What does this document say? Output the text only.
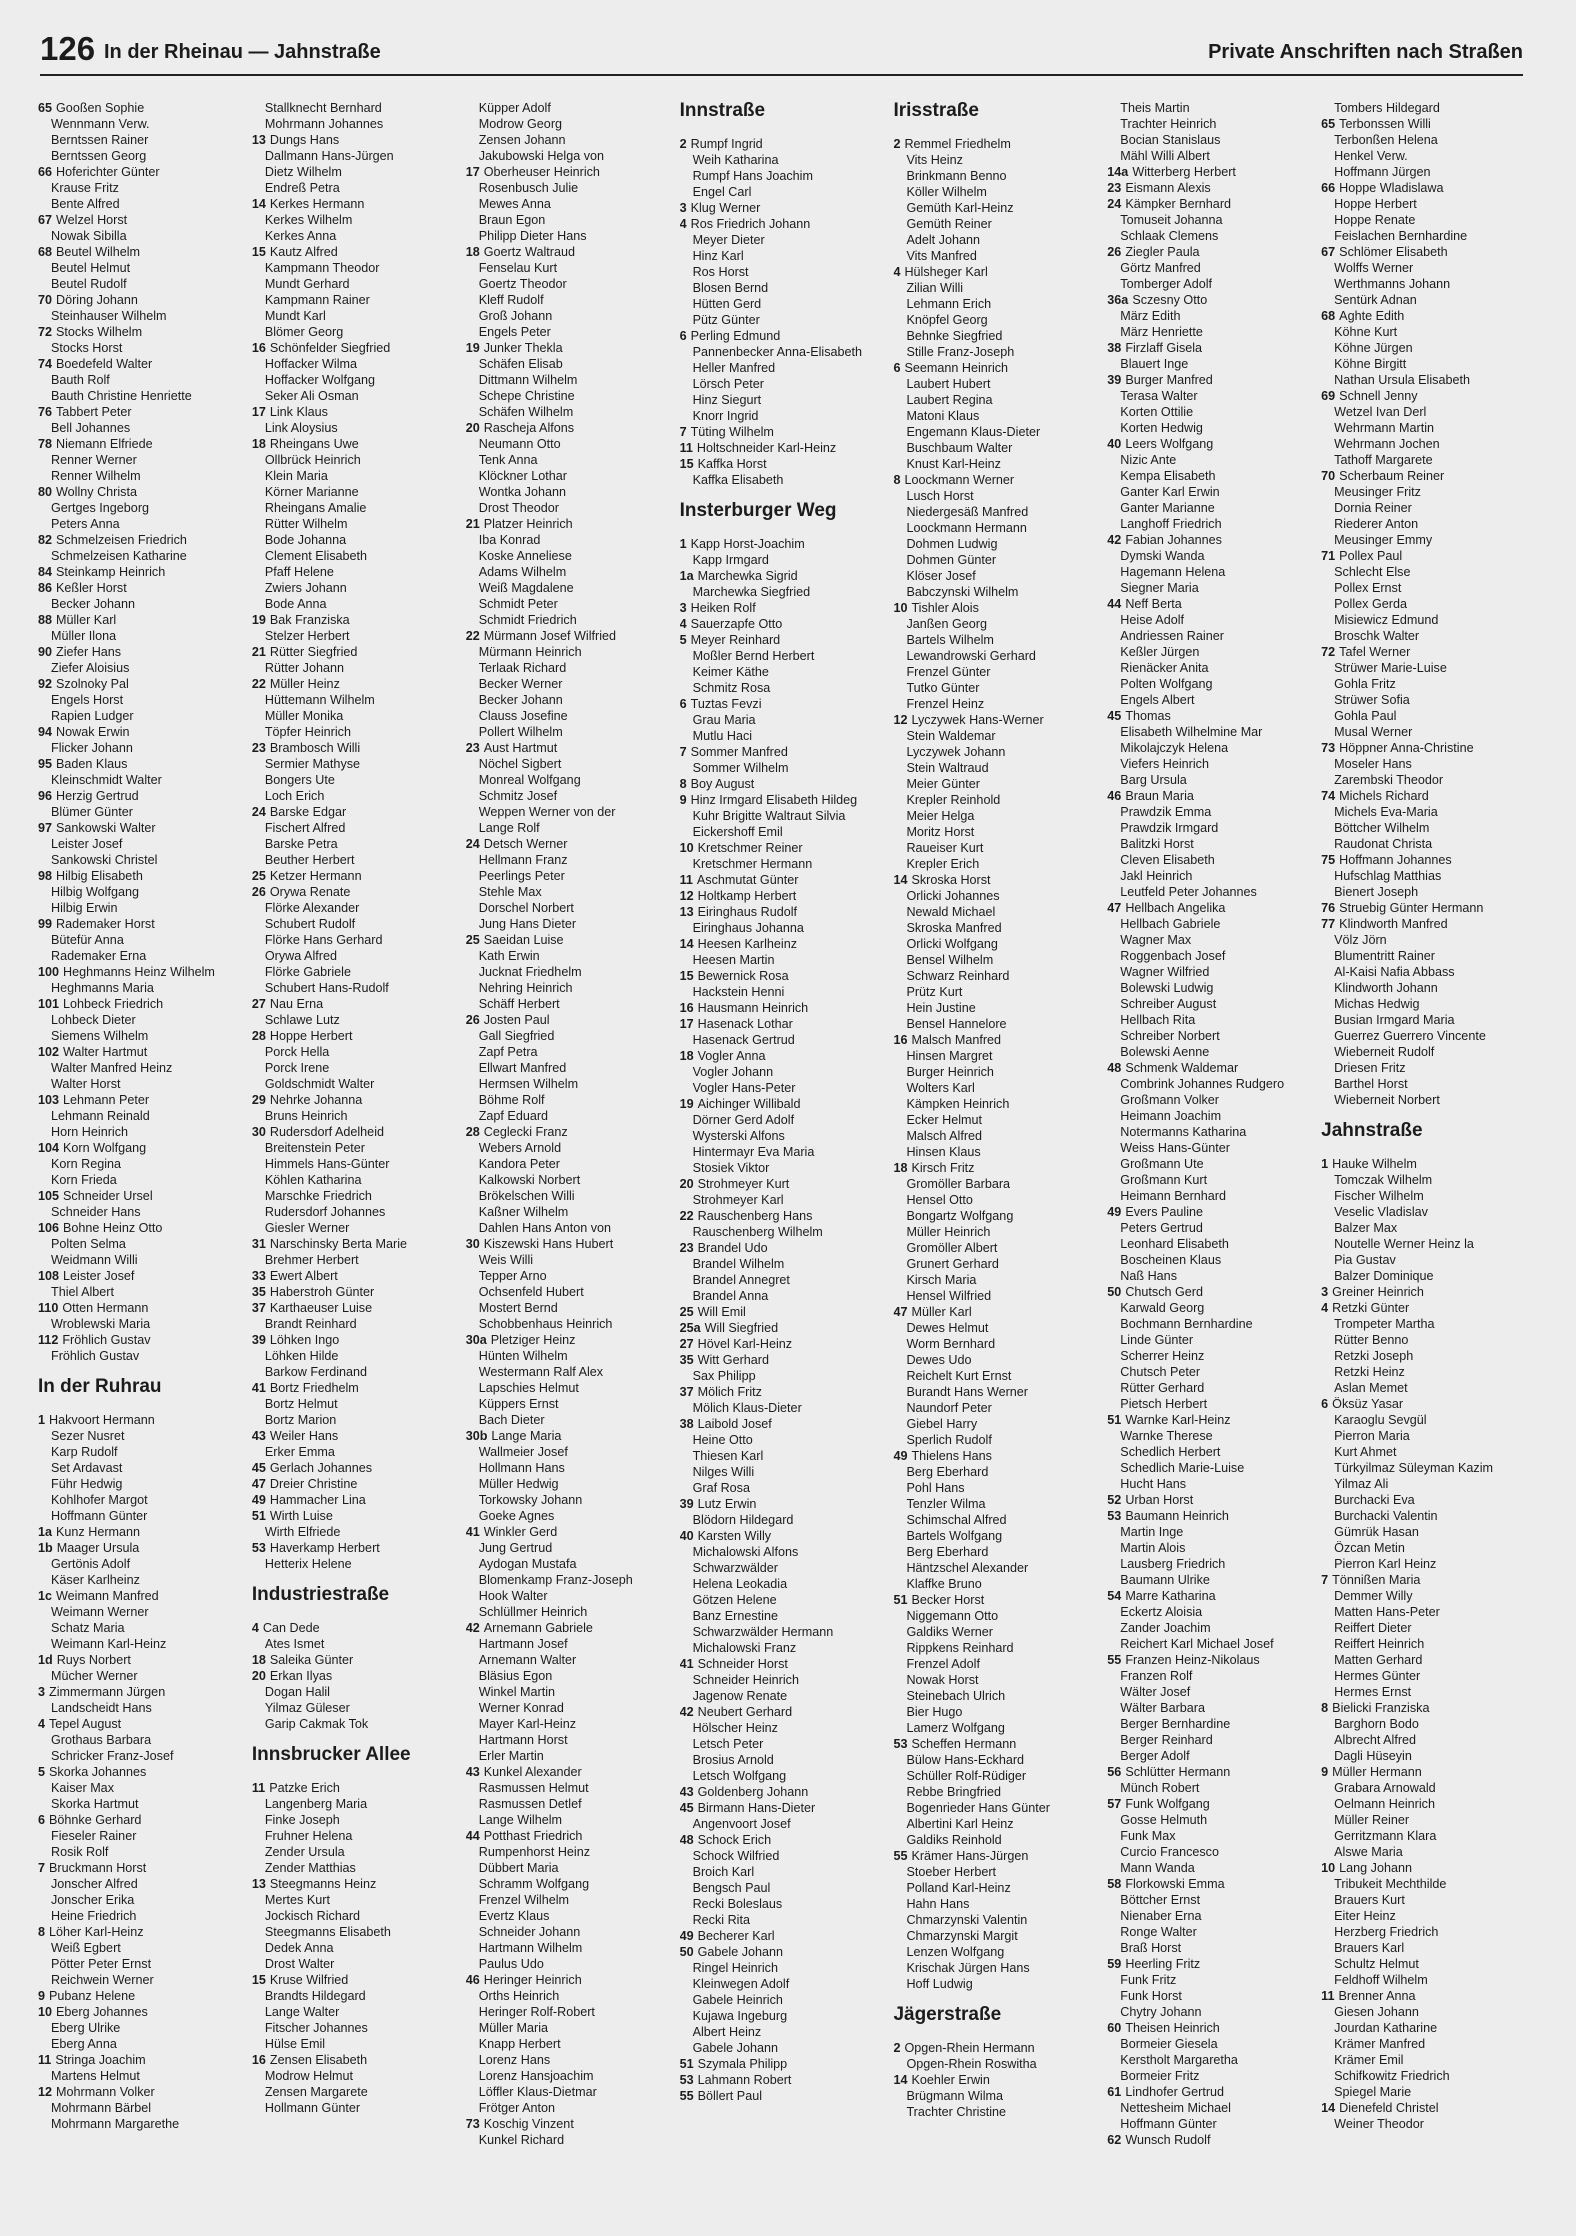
126 In der Rheinau — Jahnstraße	Private Anschriften nach Straßen
65 Gooßen Sophie
Wennmann Verw.
Berntssen Rainer
Berntssen Georg
66 Hoferichter Günter
Krause Fritz
Bente Alfred
67 Welzel Horst
Nowak Sibilla
68 Beutel Wilhelm
Beutel Helmut
Beutel Rudolf
70 Döring Johann
Steinhauser Wilhelm
72 Stocks Wilhelm
Stocks Horst
74 Boedefeld Walter
Bauth Rolf
Bauth Christine Henriette
76 Tabbert Peter
Bell Johannes
78 Niemann Elfriede
Renner Werner
Renner Wilhelm
80 Wollny Christa
Gertges Ingeborg
Peters Anna
82 Schmelzeisen Friedrich
Schmelzeisen Katharine
84 Steinkamp Heinrich
86 Keßler Horst
Becker Johann
88 Müller Karl
Müller Ilona
90 Ziefer Hans
Ziefer Aloisius
92 Szolnoky Pal
Engels Horst
Rapien Ludger
94 Nowak Erwin
Flicker Johann
95 Baden Klaus
Kleinschmidt Walter
96 Herzig Gertrud
Blümer Günter
97 Sankowski Walter
Leister Josef
Sankowski Christel
98 Hilbig Elisabeth
Hilbig Wolfgang
Hilbig Erwin
99 Rademaker Horst
Bütefür Anna
Rademaker Erna
100 Heghmanns Heinz Wilhelm
Heghmanns Maria
101 Lohbeck Friedrich
Lohbeck Dieter
Siemens Wilhelm
102 Walter Hartmut
Walter Manfred Heinz
Walter Horst
103 Lehmann Peter
Lehmann Reinald
Horn Heinrich
104 Korn Wolfgang
Korn Regina
Korn Frieda
105 Schneider Ursel
Schneider Hans
106 Bohne Heinz Otto
Polten Selma
Weidmann Willi
108 Leister Josef
Thiel Albert
110 Otten Hermann
Wroblewski Maria
112 Fröhlich Gustav
Fröhlich Gustav
In der Ruhrau
1 Hakvoort Hermann
Sezer Nusret
Karp Rudolf
Set Ardavast
Führ Hedwig
Kohlhofer Margot
Hoffmann Günter
1a Kunz Hermann
1b Maager Ursula
Gertönis Adolf
Käser Karlheinz
1c Weimann Manfred
Weimann Werner
Schatz Maria
Weimann Karl-Heinz
1d Ruys Norbert
Mücher Werner
3 Zimmermann Jürgen
Landscheidt Hans
4 Tepel August
Grothaus Barbara
Schricker Franz-Josef
5 Skorka Johannes
Kaiser Max
Skorka Hartmut
6 Böhnke Gerhard
Fieseler Rainer
Rosik Rolf
7 Bruckmann Horst
Jonscher Alfred
Jonscher Erika
Heine Friedrich
8 Löher Karl-Heinz
Weiß Egbert
Pötter Peter Ernst
Reichwein Werner
9 Pubanz Helene
10 Eberg Johannes
Eberg Ulrike
Eberg Anna
11 Stringa Joachim
Martens Helmut
12 Mohrmann Volker
Mohrmann Bärbel
Mohrmann Margarethe
Stallknecht Bernhard
Mohrmann Johannes
13 Dungs Hans
Dallmann Hans-Jürgen
Dietz Wilhelm
Endreß Petra
14 Kerkes Hermann
Kerkes Wilhelm
Kerkes Anna
15 Kautz Alfred
Kampmann Theodor
Mundt Gerhard
Kampmann Rainer
Mundt Karl
Blömer Georg
16 Schönfelder Siegfried
Hoffacker Wilma
Hoffacker Wolfgang
Seker Ali Osman
17 Link Klaus
Link Aloysius
18 Rheingans Uwe
Ollbrück Heinrich
Klein Maria
Körner Marianne
Rheingans Amalie
Rütter Wilhelm
Bode Johanna
Clement Elisabeth
Pfaff Helene
Zwiers Johann
Bode Anna
19 Bak Franziska
Stelzer Herbert
21 Rütter Siegfried
Rütter Johann
22 Müller Heinz
Hüttemann Wilhelm
Müller Monika
Töpfer Heinrich
23 Brambosch Willi
Sermier Mathyse
Bongers Ute
Loch Erich
24 Barske Edgar
Fischert Alfred
Barske Petra
Beuther Herbert
25 Ketzer Hermann
26 Orywa Renate
Flörke Alexander
Schubert Rudolf
Flörke Hans Gerhard
Orywa Alfred
Flörke Gabriele
Schubert Hans-Rudolf
27 Nau Erna
Schlawe Lutz
28 Hoppe Herbert
Porck Hella
Porck Irene
Goldschmidt Walter
29 Nehrke Johanna
Bruns Heinrich
30 Rudersdorf Adelheid
Breitenstein Peter
Himmels Hans-Günter
Köhlen Katharina
Marschke Friedrich
Rudersdorf Johannes
Giesler Werner
31 Narschinsky Berta Marie
Brehmer Herbert
33 Ewert Albert
35 Haberstroh Günter
37 Karthaeuser Luise
Brandt Reinhard
39 Löhken Ingo
Löhken Hilde
Barkow Ferdinand
41 Bortz Friedhelm
Bortz Helmut
Bortz Marion
43 Weiler Hans
Erker Emma
45 Gerlach Johannes
47 Dreier Christine
49 Hammacher Lina
51 Wirth Luise
Wirth Elfriede
53 Haverkamp Herbert
Hetterix Helene
Industriestraße
4 Can Dede
Ates Ismet
18 Saleika Günter
20 Erkan Ilyas
Dogan Halil
Yilmaz Güleser
Garip Cakmak Tok
Innsbrucker Allee
11 Patzke Erich
Langenberg Maria
Finke Joseph
Fruhner Helena
Zender Ursula
Zender Matthias
13 Steegmanns Heinz
Mertes Kurt
Jockisch Richard
Steegmanns Elisabeth
Dedek Anna
Drost Walter
15 Kruse Wilfried
Brandts Hildegard
Lange Walter
Fitscher Johannes
Hülse Emil
16 Zensen Elisabeth
Modrow Helmut
Zensen Margarete
Hollmann Günter
Küpper Adolf
Modrow Georg
Zensen Johann
Jakubowski Helga von
17 Oberheuser Heinrich
Rosenbusch Julie
Mewes Anna
Braun Egon
Philipp Dieter Hans
18 Goertz Waltraud
Fenselau Kurt
Goertz Theodor
Kleff Rudolf
Groß Johann
Engels Peter
19 Junker Thekla
Schäfen Elisab
Dittmann Wilhelm
Schepe Christine
Schäfen Wilhelm
20 Rascheja Alfons
Neumann Otto
Tenk Anna
Klöckner Lothar
Wontka Johann
Drost Theodor
21 Platzer Heinrich
Iba Konrad
Koske Anneliese
Adams Wilhelm
Weiß Magdalene
Schmidt Peter
Schmidt Friedrich
22 Mürmann Josef Wilfried
Mürmann Heinrich
Terlaak Richard
Becker Werner
Becker Johann
Clauss Josefine
Pollert Wilhelm
23 Aust Hartmut
Nöchel Sigbert
Monreal Wolfgang
Schmitz Josef
Weppen Werner von der
Lange Rolf
24 Detsch Werner
Hellmann Franz
Peerlings Peter
Stehle Max
Dorschel Norbert
Jung Hans Dieter
25 Saeidan Luise
Kath Erwin
Jucknat Friedhelm
Nehring Heinrich
Schäff Herbert
26 Josten Paul
Gall Siegfried
Zapf Petra
Ellwart Manfred
Hermsen Wilhelm
Böhme Rolf
Zapf Eduard
28 Ceglecki Franz
Webers Arnold
Kandora Peter
Kalkowski Norbert
Brökelschen Willi
Kaßner Wilhelm
Dahlen Hans Anton von
30 Kiszewski Hans Hubert
Weis Willi
Tepper Arno
Ochsenfeld Hubert
Mostert Bernd
Schobbenhaus Heinrich
30a Pletziger Heinz
Hünten Wilhelm
Westermann Ralf Alex
Lapschies Helmut
Küppers Ernst
Bach Dieter
30b Lange Maria
Wallmeier Josef
Hollmann Hans
Müller Hedwig
Torkowsky Johann
Goeke Agnes
41 Winkler Gerd
Jung Gertrud
Aydogan Mustafa
Blomenkamp Franz-Joseph
Hook Walter
Schlüllmer Heinrich
42 Arnemann Gabriele
Hartmann Josef
Arnemann Walter
Bläsius Egon
Winkel Martin
Werner Konrad
Mayer Karl-Heinz
Hartmann Horst
Erler Martin
43 Kunkel Alexander
Rasmussen Helmut
Rasmussen Detlef
Lange Wilhelm
44 Potthast Friedrich
Rumpenhorst Heinz
Dübbert Maria
Schramm Wolfgang
Frenzel Wilhelm
Evertz Klaus
Schneider Johann
Hartmann Wilhelm
Paulus Udo
46 Heringer Heinrich
Orths Heinrich
Heringer Rolf-Robert
Müller Maria
Knapp Herbert
Lorenz Hans
Lorenz Hansjoachim
Löffler Klaus-Dietmar
Frötger Anton
73 Koschig Vinzent
Kunkel Richard
Innstraße
2 Rumpf Ingrid
Weih Katharina
Rumpf Hans Joachim
Engel Carl
3 Klug Werner
4 Ros Friedrich Johann
Meyer Dieter
Hinz Karl
Ros Horst
Blosen Bernd
Hütten Gerd
Pütz Günter
6 Perling Edmund
Pannenbecker Anna-Elisabeth
Heller Manfred
Lörsch Peter
Hinz Siegurt
Knorr Ingrid
7 Tüting Wilhelm
11 Holtschneider Karl-Heinz
15 Kaffka Horst
Kaffka Elisabeth
Insterburger Weg
1 Kapp Horst-Joachim
Kapp Irmgard
1a Marchewka Sigrid
Marchewka Siegfried
3 Heiken Rolf
4 Sauerzapfe Otto
5 Meyer Reinhard
Moßler Bernd Herbert
Keimer Käthe
Schmitz Rosa
6 Tuztas Fevzi
Grau Maria
Mutlu Haci
7 Sommer Manfred
Sommer Wilhelm
8 Boy August
9 Hinz Irmgard Elisabeth Hildeg
Kuhr Brigitte Waltraut Silvia
Eickershoff Emil
10 Kretschmer Reiner
Kretschmer Hermann
11 Aschmutat Günter
12 Holtkamp Herbert
13 Eiringhaus Rudolf
Eiringhaus Johanna
14 Heesen Karlheinz
Heesen Martin
15 Bewernick Rosa
Hackstein Henni
16 Hausmann Heinrich
17 Hasenack Lothar
Hasenack Gertrud
18 Vogler Anna
Vogler Johann
Vogler Hans-Peter
19 Aichinger Willibald
Dörner Gerd Adolf
Wysterski Alfons
Hintermayr Eva Maria
Stosiek Viktor
20 Strohmeyer Kurt
Strohmeyer Karl
22 Rauschenberg Hans
Rauschenberg Wilhelm
23 Brandel Udo
Brandel Wilhelm
Brandel Annegret
Brandel Anna
25 Will Emil
25a Will Siegfried
27 Hövel Karl-Heinz
35 Witt Gerhard
Sax Philipp
37 Mölich Fritz
Mölich Klaus-Dieter
38 Laibold Josef
Heine Otto
Thiesen Karl
Nilges Willi
Graf Rosa
39 Lutz Erwin
Blödorn Hildegard
40 Karsten Willy
Michalowski Alfons
Schwarzwälder
Helena Leokadia
Götzen Helene
Banz Ernestine
Schwarzwälder Hermann
Michalowski Franz
41 Schneider Horst
Schneider Heinrich
Jagenow Renate
42 Neubert Gerhard
Hölscher Heinz
Letsch Peter
Brosius Arnold
Letsch Wolfgang
43 Goldenberg Johann
45 Birmann Hans-Dieter
Angenvoort Josef
48 Schock Erich
Schock Wilfried
Broich Karl
Bengsch Paul
Recki Boleslaus
Recki Rita
49 Becherer Karl
50 Gabele Johann
Ringel Heinrich
Kleinwegen Adolf
Gabele Heinrich
Kujawa Ingeburg
Albert Heinz
Gabele Johann
51 Szymala Philipp
53 Lahmann Robert
55 Böllert Paul
Irisstraße
2 Remmel Friedhelm
Vits Heinz
Brinkmann Benno
Köller Wilhelm
Gemüth Karl-Heinz
Gemüth Reiner
Adelt Johann
Vits Manfred
4 Hülsheger Karl
Zilian Willi
Lehmann Erich
Knöpfel Georg
Behnke Siegfried
Stille Franz-Joseph
6 Seemann Heinrich
Laubert Hubert
Laubert Regina
Matoni Klaus
Engemann Klaus-Dieter
Buschbaum Walter
Knust Karl-Heinz
8 Loockmann Werner
Lusch Horst
Niedergesäß Manfred
Loockmann Hermann
Dohmen Ludwig
Dohmen Günter
Klöser Josef
Babczynski Wilhelm
10 Tishler Alois
Janßen Georg
Bartels Wilhelm
Lewandrowski Gerhard
Frenzel Günter
Tutko Günter
Frenzel Heinz
12 Lyczywek Hans-Werner
Stein Waldemar
Lyczywek Johann
Stein Waltraud
Meier Günter
Krepler Reinhold
Meier Helga
Moritz Horst
Raueiser Kurt
Krepler Erich
14 Skroska Horst
Orlicki Johannes
Newald Michael
Skroska Manfred
Orlicki Wolfgang
Bensel Wilhelm
Schwarz Reinhard
Prütz Kurt
Hein Justine
Bensel Hannelore
16 Malsch Manfred
Hinsen Margret
Burger Heinrich
Wolters Karl
Kämpken Heinrich
Ecker Helmut
Malsch Alfred
Hinsen Klaus
18 Kirsch Fritz
Gromöller Barbara
Hensel Otto
Bongartz Wolfgang
Müller Heinrich
Gromöller Albert
Grunert Gerhard
Kirsch Maria
Hensel Wilfried
47 Müller Karl
Dewes Helmut
Worm Bernhard
Dewes Udo
Reichelt Kurt Ernst
Burandt Hans Werner
Naundorf Peter
Giebel Harry
Sperlich Rudolf
49 Thielens Hans
Berg Eberhard
Pohl Hans
Tenzler Wilma
Schimschal Alfred
Bartels Wolfgang
Berg Eberhard
Häntzschel Alexander
Klaffke Bruno
51 Becker Horst
Niggemann Otto
Galdiks Werner
Rippkens Reinhard
Frenzel Adolf
Nowak Horst
Steinebach Ulrich
Bier Hugo
Lamerz Wolfgang
53 Scheffen Hermann
Bülow Hans-Eckhard
Schüller Rolf-Rüdiger
Rebbe Bringfried
Bogenrieder Hans Günter
Albertini Karl Heinz
Galdiks Reinhold
55 Krämer Hans-Jürgen
Stoeber Herbert
Polland Karl-Heinz
Hahn Hans
Chmarzynski Valentin
Chmarzynski Margit
Lenzen Wolfgang
Krischak Jürgen Hans
Hoff Ludwig
Jägerstraße
2 Opgen-Rhein Hermann
Opgen-Rhein Roswitha
14 Koehler Erwin
Brügmann Wilma
Trachter Christine
Theis Martin
Trachter Heinrich
Bocian Stanislaus
Mähl Willi Albert
14a Witterberg Herbert
23 Eismann Alexis
24 Kämpker Bernhard
Tomuseit Johanna
Schlaak Clemens
26 Ziegler Paula
Görtz Manfred
Tomberger Adolf
36a Sczesny Otto
März Edith
März Henriette
38 Firzlaff Gisela
Blauert Inge
39 Burger Manfred
Terasa Walter
Korten Ottilie
Korten Hedwig
40 Leers Wolfgang
Nizic Ante
Kempa Elisabeth
Ganter Karl Erwin
Ganter Marianne
Langhoff Friedrich
42 Fabian Johannes
Dymski Wanda
Hagemann Helena
Siegner Maria
44 Neff Berta
Heise Adolf
Andriessen Rainer
Keßler Jürgen
Rienäcker Anita
Polten Wolfgang
Engels Albert
45 Thomas
Elisabeth Wilhelmine Mar
Mikolajczyk Helena
Viefers Heinrich
Barg Ursula
46 Braun Maria
Prawdzik Emma
Prawdzik Irmgard
Balitzki Horst
Cleven Elisabeth
Jakl Heinrich
Leutfeld Peter Johannes
47 Hellbach Angelika
Hellbach Gabriele
Wagner Max
Roggenbach Josef
Wagner Wilfried
Bolewski Ludwig
Schreiber August
Hellbach Rita
Schreiber Norbert
Bolewski Aenne
48 Schmenk Waldemar
Combrink Johannes Rudgero
Großmann Volker
Heimann Joachim
Notermanns Katharina
Weiss Hans-Günter
Großmann Ute
Großmann Kurt
Heimann Bernhard
49 Evers Pauline
Peters Gertrud
Leonhard Elisabeth
Boscheinen Klaus
Naß Hans
50 Chutsch Gerd
Karwald Georg
Bochmann Bernhardine
Linde Günter
Scherrer Heinz
Chutsch Peter
Rütter Gerhard
Pietsch Herbert
51 Warnke Karl-Heinz
Warnke Therese
Schedlich Herbert
Schedlich Marie-Luise
Hucht Hans
52 Urban Horst
53 Baumann Heinrich
Martin Inge
Martin Alois
Lausberg Friedrich
Baumann Ulrike
54 Marre Katharina
Eckertz Aloisia
Zander Joachim
Reichert Karl Michael Josef
55 Franzen Heinz-Nikolaus
Franzen Rolf
Wälter Josef
Wälter Barbara
Berger Bernhardine
Berger Reinhard
Berger Adolf
56 Schlütter Hermann
Münch Robert
57 Funk Wolfgang
Gosse Helmuth
Funk Max
Curcio Francesco
Mann Wanda
58 Florkowski Emma
Böttcher Ernst
Nienaber Erna
Ronge Walter
Braß Horst
59 Heerling Fritz
Funk Fritz
Funk Horst
Chytry Johann
60 Theisen Heinrich
Bormeier Giesela
Kerstholt Margaretha
Bormeier Fritz
61 Lindhofer Gertrud
Nettesheim Michael
Hoffmann Günter
62 Wunsch Rudolf
Tombers Hildegard
65 Terbonssen Willi
Terbonßen Helena
Henkel Verw.
Hoffmann Jürgen
66 Hoppe Wladislawa
Hoppe Herbert
Hoppe Renate
Feislachen Bernhardine
67 Schlömer Elisabeth
Wolffs Werner
Werthmanns Johann
Sentürk Adnan
68 Aghte Edith
Köhne Kurt
Köhne Jürgen
Köhne Birgitt
Nathan Ursula Elisabeth
69 Schnell Jenny
Wetzel Ivan Derl
Wehrmann Martin
Wehrmann Jochen
Tathoff Margarete
70 Scherbaum Reiner
Meusinger Fritz
Dornia Reiner
Riederer Anton
Meusinger Emmy
71 Pollex Paul
Schlecht Else
Pollex Ernst
Pollex Gerda
Misiewicz Edmund
Broschk Walter
72 Tafel Werner
Strüwer Marie-Luise
Gohla Fritz
Strüwer Sofia
Gohla Paul
Musal Werner
73 Höppner Anna-Christine
Moseler Hans
Zarembski Theodor
74 Michels Richard
Michels Eva-Maria
Böttcher Wilhelm
Raudonat Christa
75 Hoffmann Johannes
Hufschlag Matthias
Bienert Joseph
76 Struebig Günter Hermann
77 Klindworth Manfred
Völz Jörn
Blumentritt Rainer
Al-Kaisi Nafia Abbass
Klindworth Johann
Michas Hedwig
Busian Irmgard Maria
Guerrez Guerrero Vincente
Wieberneit Rudolf
Driesen Fritz
Barthel Horst
Wieberneit Norbert
Jahnstraße
1 Hauke Wilhelm
Tomczak Wilhelm
Fischer Wilhelm
Veselic Vladislav
Balzer Max
Noutelle Werner Heinz la
Pia Gustav
Balzer Dominique
3 Greiner Heinrich
4 Retzki Günter
Trompeter Martha
Rütter Benno
Retzki Joseph
Retzki Heinz
Aslan Memet
6 Öksüz Yasar
Karaoglu Sevgül
Pierron Maria
Kurt Ahmet
Türkyilmaz Süleyman Kazim
Yilmaz Ali
Burchacki Eva
Burchacki Valentin
Gümrük Hasan
Özcan Metin
Pierron Karl Heinz
7 Tönnißen Maria
Demmer Willy
Matten Hans-Peter
Reiffert Dieter
Reiffert Heinrich
Matten Gerhard
Hermes Günter
Hermes Ernst
8 Bielicki Franziska
Barghorn Bodo
Albrecht Alfred
Dagli Hüseyin
9 Müller Hermann
Grabara Arnowald
Oelmann Heinrich
Müller Reiner
Gerritzmann Klara
Alswe Maria
10 Lang Johann
Tribukeit Mechthilde
Brauers Kurt
Eiter Heinz
Herzberg Friedrich
Brauers Karl
Schultz Helmut
Feldhoff Wilhelm
11 Brenner Anna
Giesen Johann
Jourdan Katharine
Krämer Manfred
Krämer Emil
Schifkowitz Friedrich
Spiegel Marie
14 Dienefeld Christel
Weiner Theodor
